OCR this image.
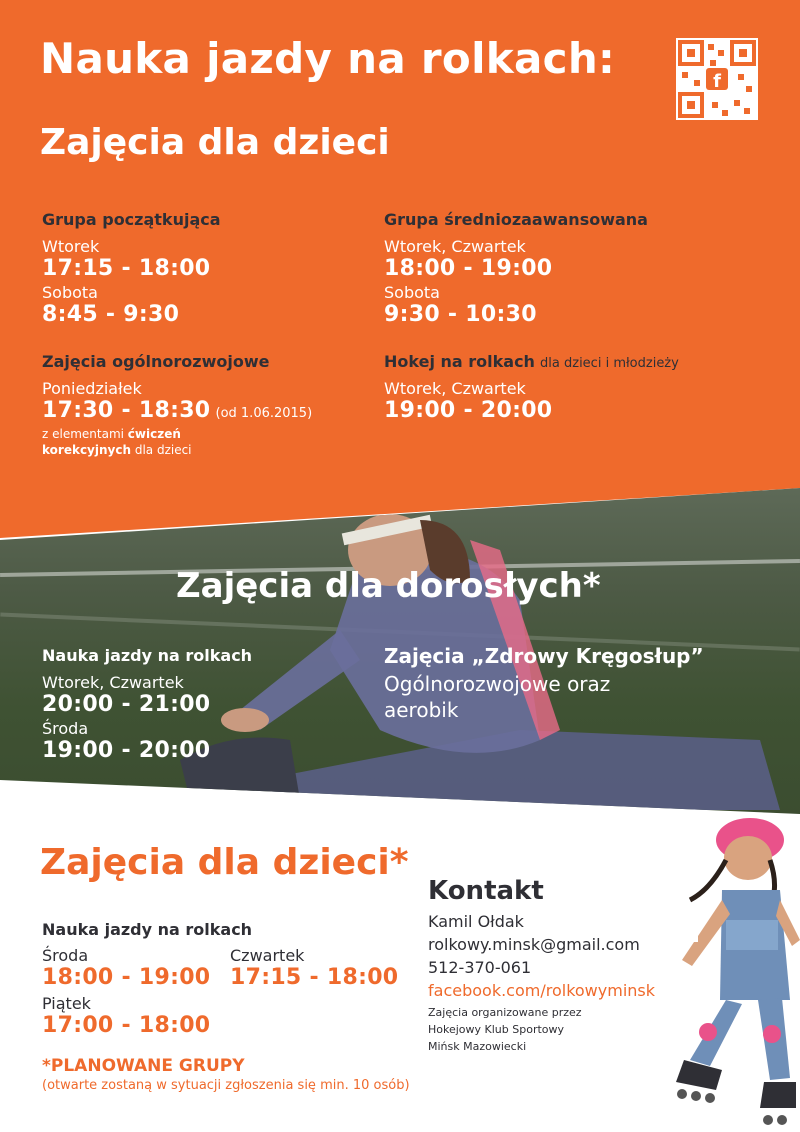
Nauka jazdy na rolkach:	f
Zajęcia dla dzieci
Grupa początkująca
Wtorek
17:15 - 18:00
Sobota
8:45 - 9:30
Grupa średniozaawansowana
Wtorek, Czwartek
18:00 - 19:00
Sobota
9:30 - 10:30
Zajęcia ogólnorozwojowe
Poniedziałek
17:30 - 18:30 (od 1.06.2015)
z elementami ćwiczeń
korekcyjnych dla dzieci
Hokej na rolkach dla dzieci i młodzieży
Wtorek, Czwartek
19:00 - 20:00
Zajęcia dla dorosłych*
Nauka jazdy na rolkach
Wtorek, Czwartek
20:00 - 21:00
Środa
19:00 - 20:00
Zajęcia „Zdrowy Kręgosłup”
Ogólnorozwojowe oraz
aerobik
Zajęcia dla dzieci*
Nauka jazdy na rolkach
Środa
18:00 - 19:00
Czwartek
17:15 - 18:00
Piątek
17:00 - 18:00
*PLANOWANE GRUPY
(otwarte zostaną w sytuacji zgłoszenia się min. 10 osób)
Kontakt
Kamil Ołdak
rolkowy.minsk@gmail.com
512-370-061
facebook.com/rolkowyminsk
Zajęcia organizowane przez
Hokejowy Klub Sportowy
Mińsk Mazowiecki
